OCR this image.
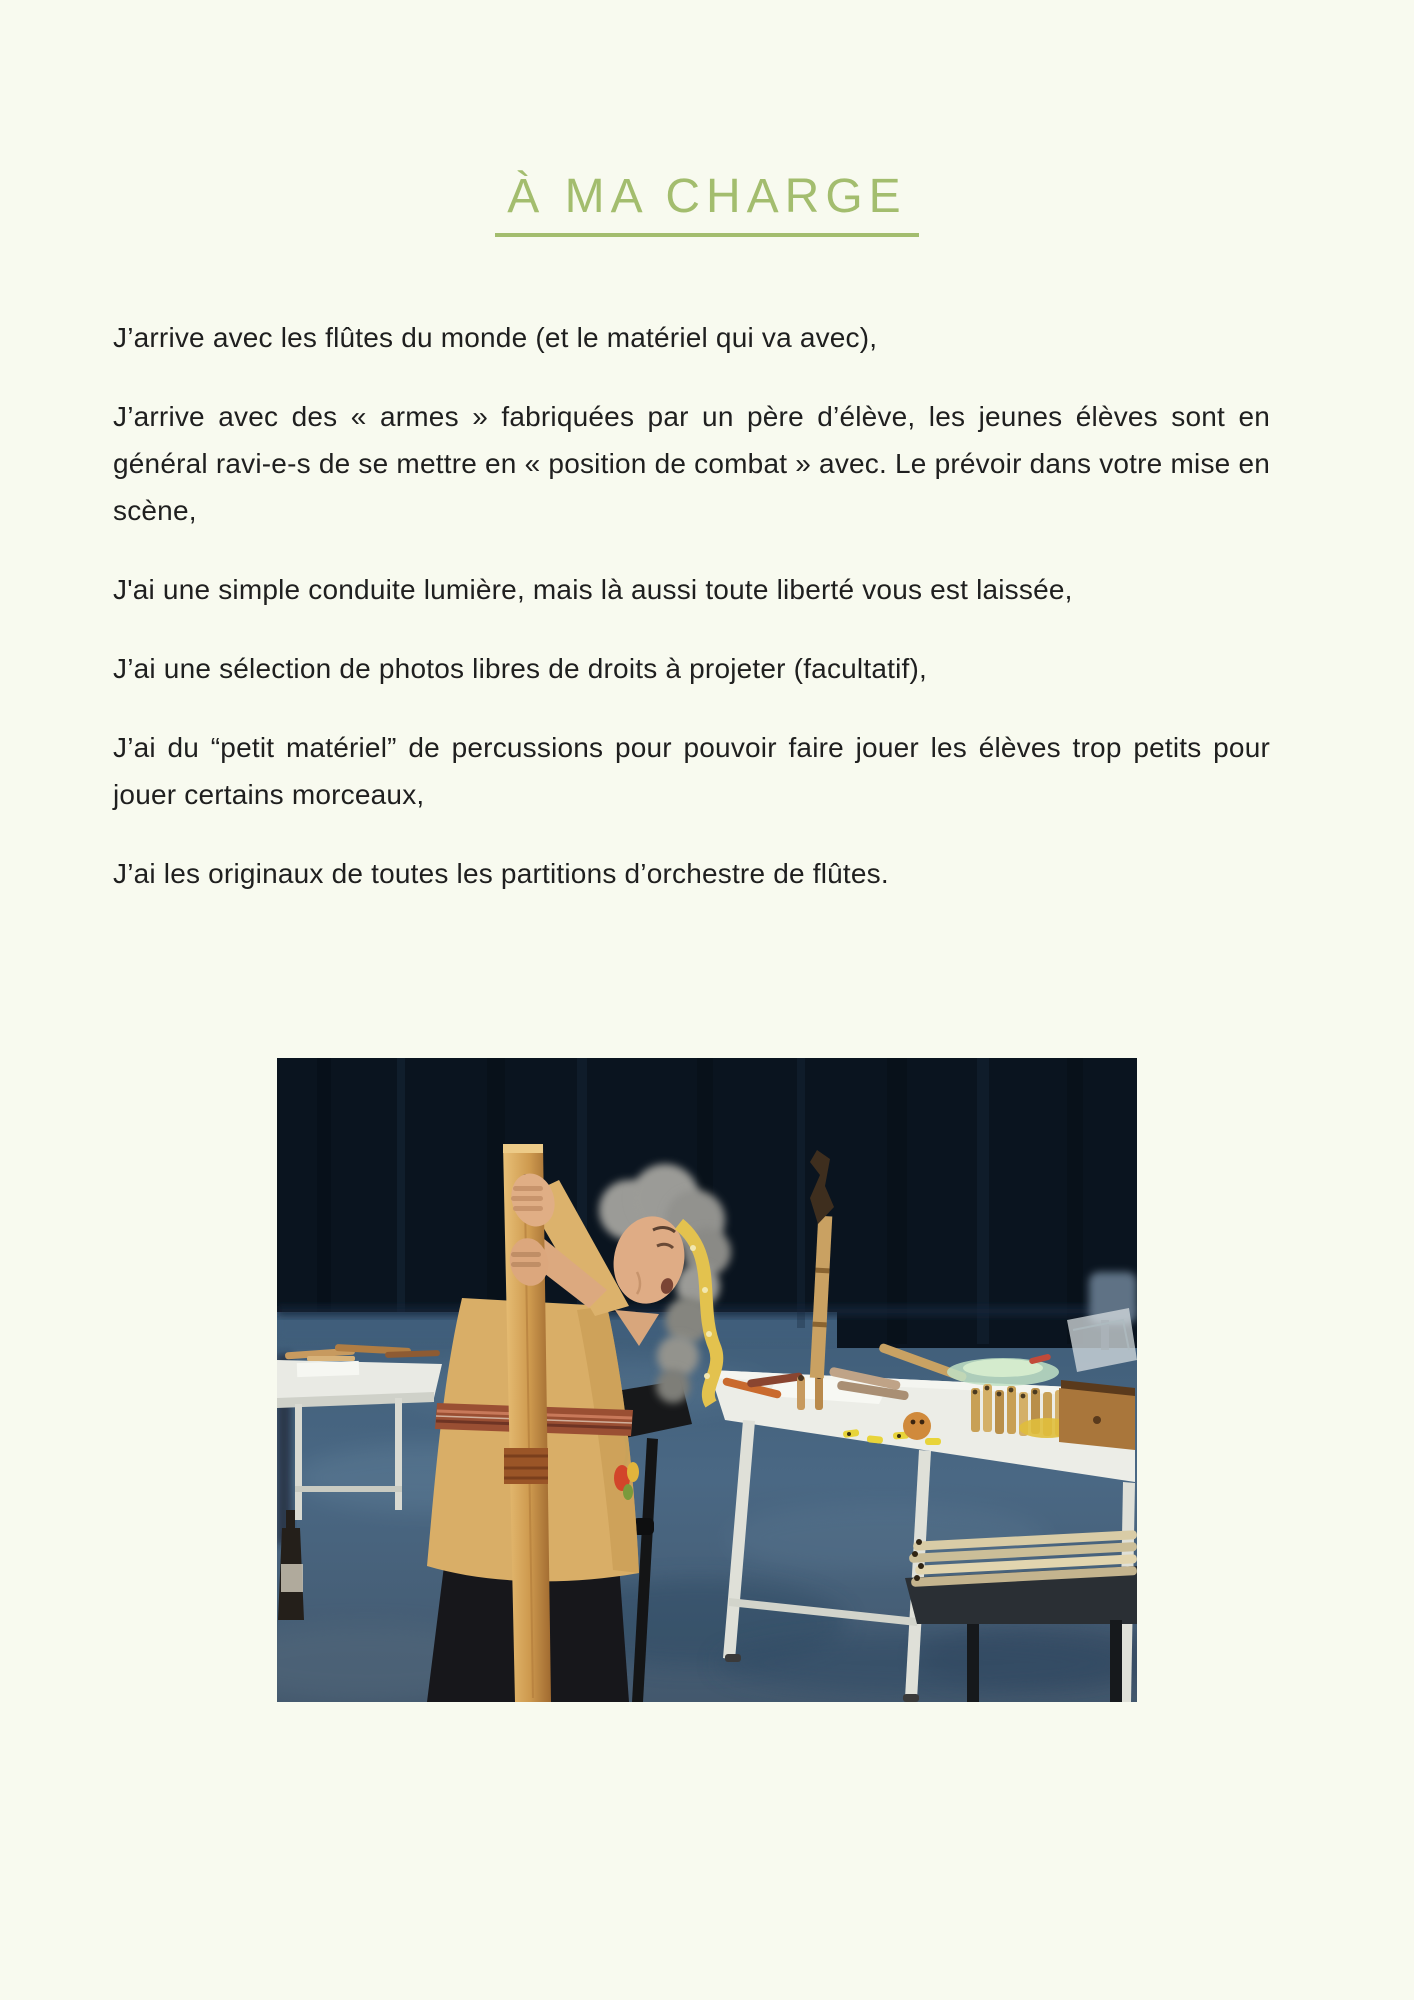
À MA CHARGE

J’arrive avec les flûtes du monde (et le matériel qui va avec),

J’arrive avec des « armes » fabriquées par un père d’élève, les jeunes élèves sont en général ravi-e-s de se mettre en « position de combat » avec. Le prévoir dans votre mise en scène,

J'ai une simple conduite lumière, mais là aussi toute liberté vous est laissée,

J’ai une sélection de photos libres de droits à projeter (facultatif),

J’ai du “petit matériel” de percussions pour pouvoir faire jouer les élèves trop petits pour jouer certains morceaux,

J’ai les originaux de toutes les partitions d’orchestre de flûtes.
